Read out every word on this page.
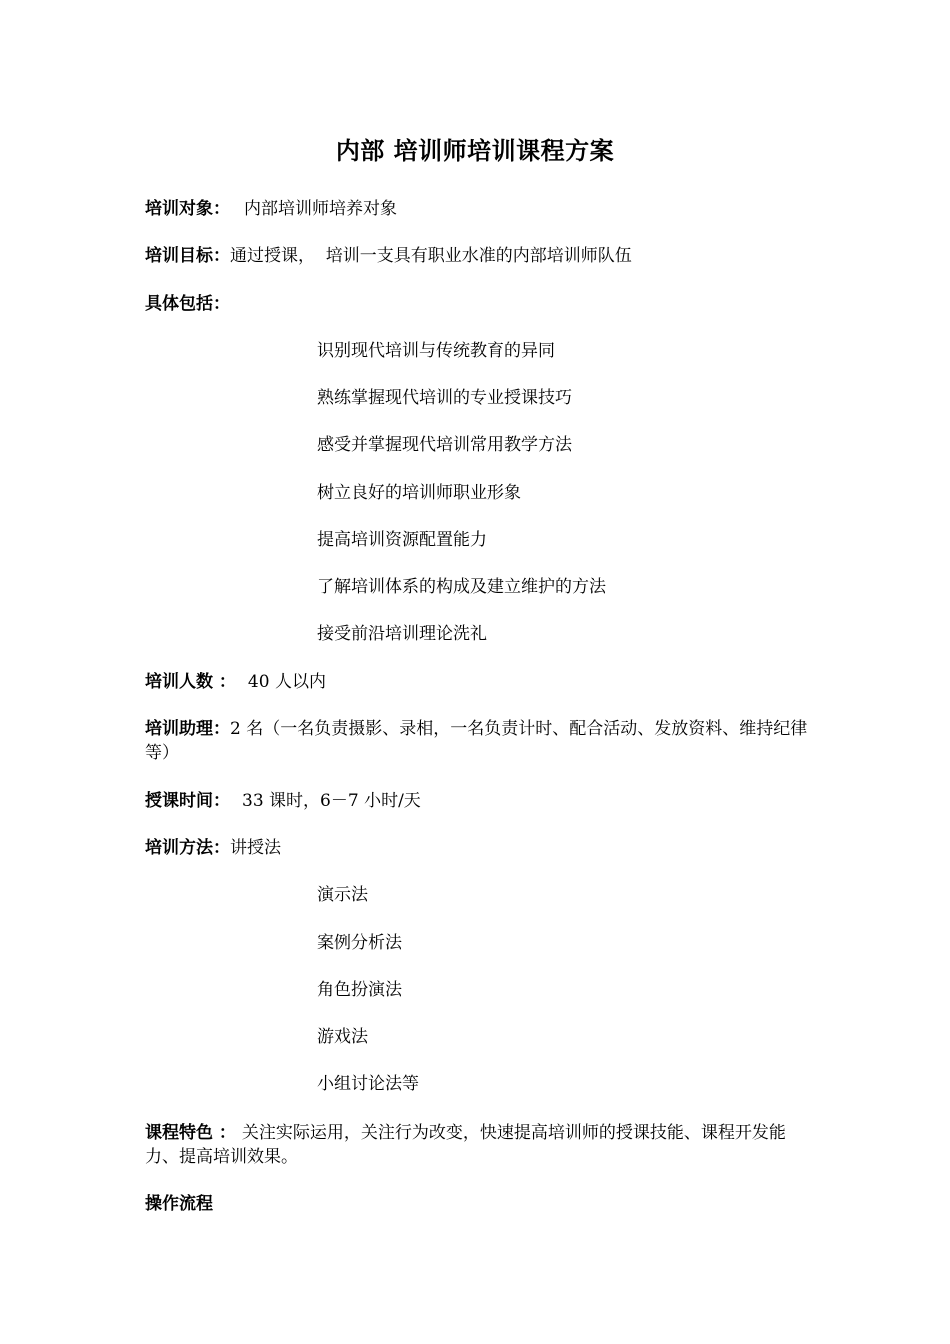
内部 培训师培训课程方案
培训对象： 内部培训师培养对象
培训目标：通过授课，  培训一支具有职业水准的内部培训师队伍
具体包括：
识别现代培训与传统教育的异同
熟练掌握现代培训的专业授课技巧
感受并掌握现代培训常用教学方法
树立良好的培训师职业形象
提高培训资源配置能力
了解培训体系的构成及建立维护的方法
接受前沿培训理论洗礼
培训人数 ： 40 人以内
培训助理：2 名（一名负责摄影、录相，一名负责计时、配合活动、发放资料、维持纪律等）
授课时间： 33 课时，6－7 小时/天
培训方法：讲授法
演示法
案例分析法
角色扮演法
游戏法
小组讨论法等
课程特色 ： 关注实际运用，关注行为改变，快速提高培训师的授课技能、课程开发能力、提高培训效果。
操作流程
